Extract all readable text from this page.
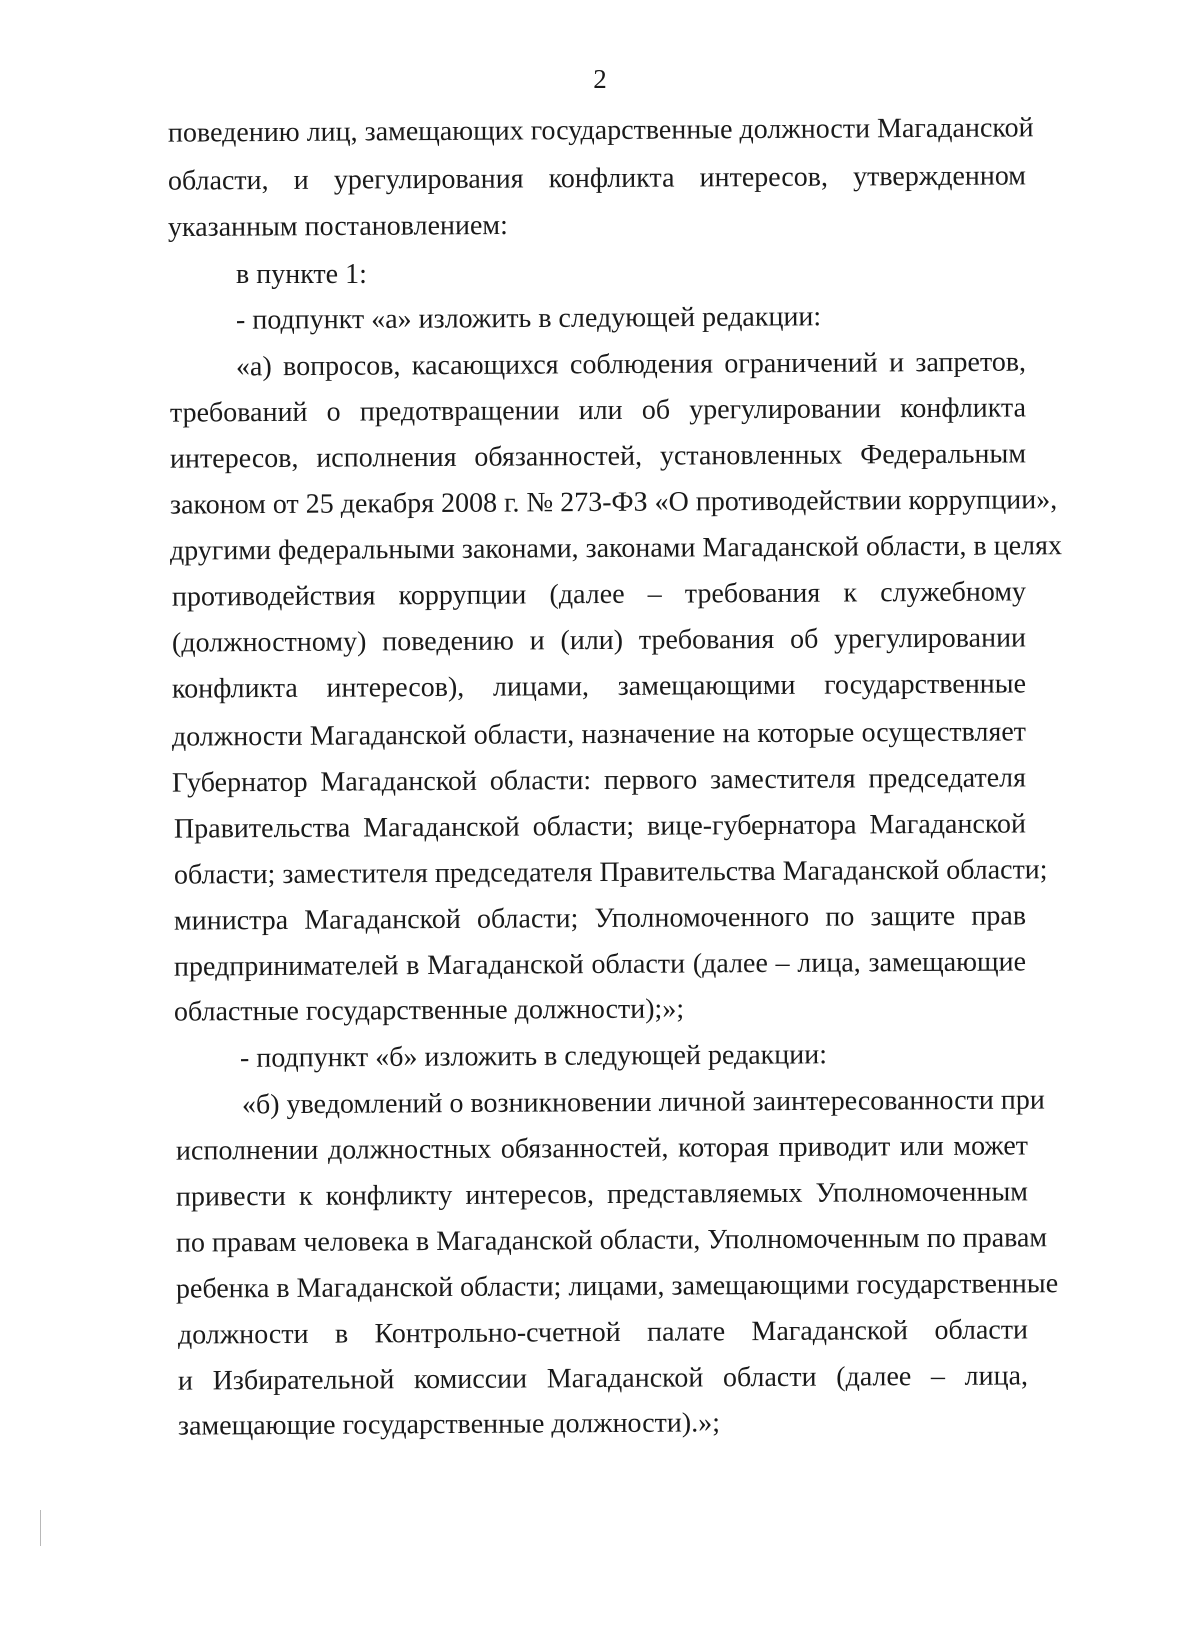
2
поведению лиц, замещающих государственные должности Магаданской
области, и урегулирования конфликта интересов, утвержденном
указанным постановлением:
в пункте 1:
- подпункт «а» изложить в следующей редакции:
«а) вопросов, касающихся соблюдения ограничений и запретов,
требований о предотвращении или об урегулировании конфликта
интересов, исполнения обязанностей, установленных Федеральным
законом от 25 декабря 2008 г. № 273-ФЗ «О противодействии коррупции»,
другими федеральными законами, законами Магаданской области, в целях
противодействия коррупции (далее – требования к служебному
(должностному) поведению и (или) требования об урегулировании
конфликта интересов), лицами, замещающими государственные
должности Магаданской области, назначение на которые осуществляет
Губернатор Магаданской области: первого заместителя председателя
Правительства Магаданской области; вице-губернатора Магаданской
области; заместителя председателя Правительства Магаданской области;
министра Магаданской области; Уполномоченного по защите прав
предпринимателей в Магаданской области (далее – лица, замещающие
областные государственные должности);»;
- подпункт «б» изложить в следующей редакции:
«б) уведомлений о возникновении личной заинтересованности при
исполнении должностных обязанностей, которая приводит или может
привести к конфликту интересов, представляемых Уполномоченным
по правам человека в Магаданской области, Уполномоченным по правам
ребенка в Магаданской области; лицами, замещающими государственные
должности в Контрольно-счетной палате Магаданской области
и Избирательной комиссии Магаданской области (далее – лица,
замещающие государственные должности).»;
